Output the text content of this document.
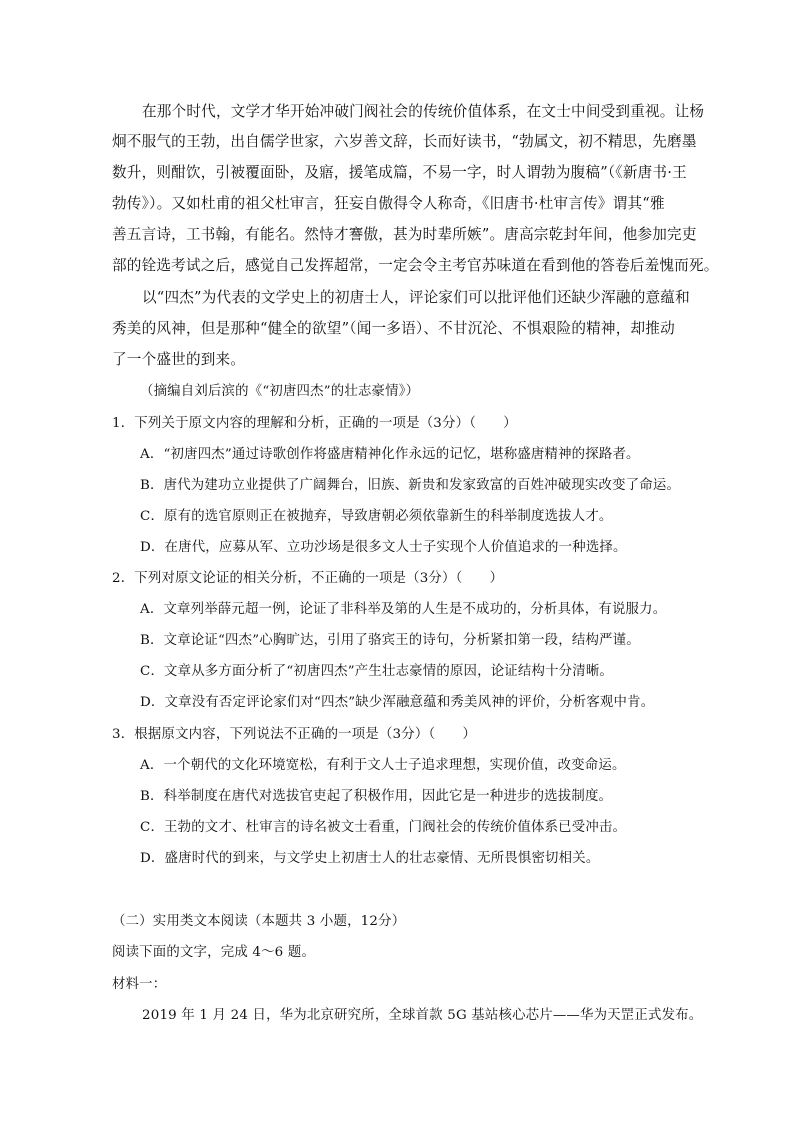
在那个时代，文学才华开始冲破门阀社会的传统价值体系，在文士中间受到重视。让杨
炯不服气的王勃，出自儒学世家，六岁善文辞，长而好读书，“勃属文，初不精思，先磨墨
数升，则酣饮，引被覆面卧，及寤，援笔成篇，不易一字，时人谓勃为腹稿”（《新唐书·王
勃传》）。又如杜甫的祖父杜审言，狂妄自傲得令人称奇，《旧唐书·杜审言传》谓其“雅
善五言诗，工书翰，有能名。然恃才謇傲，甚为时辈所嫉”。唐高宗乾封年间，他参加完吏
部的铨选考试之后，感觉自己发挥超常，一定会令主考官苏味道在看到他的答卷后羞愧而死。
以“四杰”为代表的文学史上的初唐士人，评论家们可以批评他们还缺少浑融的意蕴和
秀美的风神，但是那种“健全的欲望”（闻一多语）、不甘沉沦、不惧艰险的精神，却推动
了一个盛世的到来。
（摘编自刘后滨的《“初唐四杰”的壮志豪情》）
1．下列关于原文内容的理解和分析，正确的一项是（3分）（　　）
A．“初唐四杰”通过诗歌创作将盛唐精神化作永远的记忆，堪称盛唐精神的探路者。
B．唐代为建功立业提供了广阔舞台，旧族、新贵和发家致富的百姓冲破现实改变了命运。
C．原有的选官原则正在被抛弃，导致唐朝必须依靠新生的科举制度选拔人才。
D．在唐代，应募从军、立功沙场是很多文人士子实现个人价值追求的一种选择。
2．下列对原文论证的相关分析，不正确的一项是（3分）（　　）
A．文章列举薛元超一例，论证了非科举及第的人生是不成功的，分析具体，有说服力。
B．文章论证“四杰”心胸旷达，引用了骆宾王的诗句，分析紧扣第一段，结构严谨。
C．文章从多方面分析了“初唐四杰”产生壮志豪情的原因，论证结构十分清晰。
D．文章没有否定评论家们对“四杰”缺少浑融意蕴和秀美风神的评价，分析客观中肯。
3．根据原文内容，下列说法不正确的一项是（3分）（　　）
A．一个朝代的文化环境宽松，有利于文人士子追求理想，实现价值，改变命运。
B．科举制度在唐代对选拔官吏起了积极作用，因此它是一种进步的选拔制度。
C．王勃的文才、杜审言的诗名被文士看重，门阀社会的传统价值体系已受冲击。
D．盛唐时代的到来，与文学史上初唐士人的壮志豪情、无所畏惧密切相关。
（二）实用类文本阅读（本题共 3 小题，12分）
阅读下面的文字，完成 4～6 题。
材料一：
2019 年 1 月 24 日，华为北京研究所，全球首款 5G 基站核心芯片——华为天罡正式发布。
